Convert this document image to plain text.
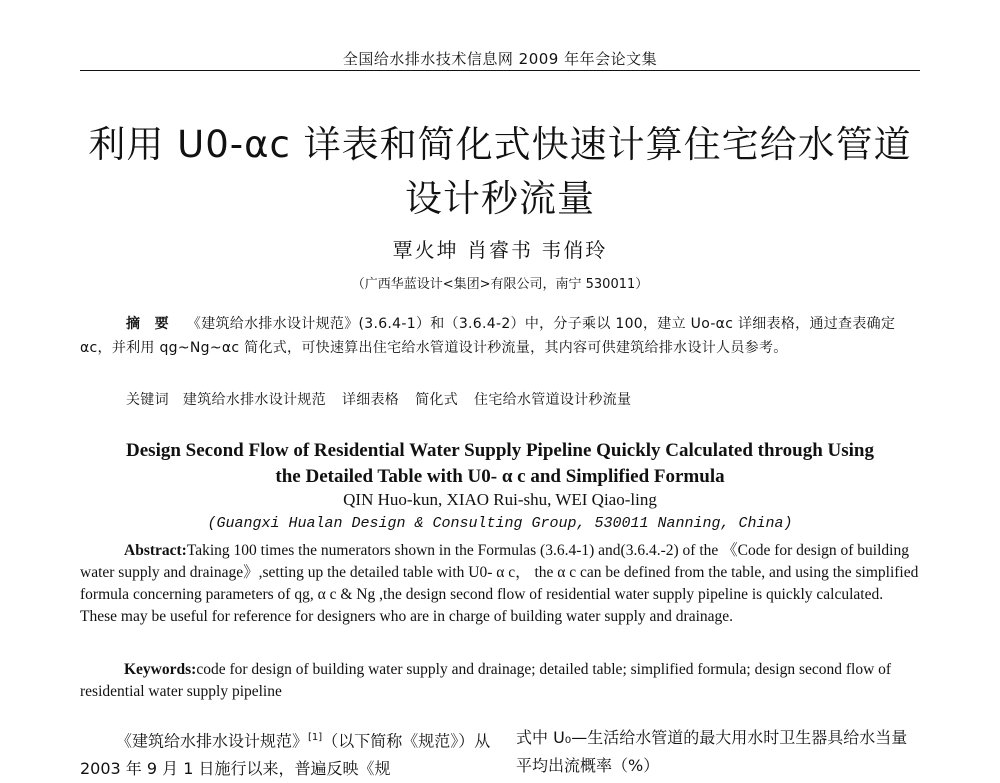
全国给水排水技术信息网 2009 年年会论文集
利用 U0-αc 详表和简化式快速计算住宅给水管道
设计秒流量
覃火坤 肖睿书 韦俏玲
（广西华蓝设计<集团>有限公司，南宁 530011）
摘　要 《建筑给水排水设计规范》(3.6.4-1）和（3.6.4-2）中，分子乘以 100，建立 Uo-αc 详细表格，通过查表确定αc，并利用 qg~Ng~αc 简化式，可快速算出住宅给水管道设计秒流量，其内容可供建筑给排水设计人员参考。
关键词 建筑给水排水设计规范 详细表格 简化式 住宅给水管道设计秒流量
Design Second Flow of Residential Water Supply Pipeline Quickly Calculated through Using
the Detailed Table with U0- α c and Simplified Formula
QIN Huo-kun, XIAO Rui-shu, WEI Qiao-ling
(Guangxi Hualan Design & Consulting Group, 530011 Nanning, China)
Abstract:Taking 100 times the numerators shown in the Formulas (3.6.4-1) and(3.6.4.-2) of the 《Code for design of building water supply and drainage》,setting up the detailed table with U0- α c， the α c can be defined from the table, and using the simplified formula concerning parameters of qg, α c & Ng ,the design second flow of residential water supply pipeline is quickly calculated. These may be useful for reference for designers who are in charge of building water supply and drainage.
Keywords:code for design of building water supply and drainage; detailed table; simplified formula; design second flow of residential water supply pipeline
《建筑给水排水设计规范》[1]（以下简称《规范》）从 2003 年 9 月 1 日施行以来，普遍反映《规
式中 U₀—生活给水管道的最大用水时卫生器具给水当量平均出流概率（%）
